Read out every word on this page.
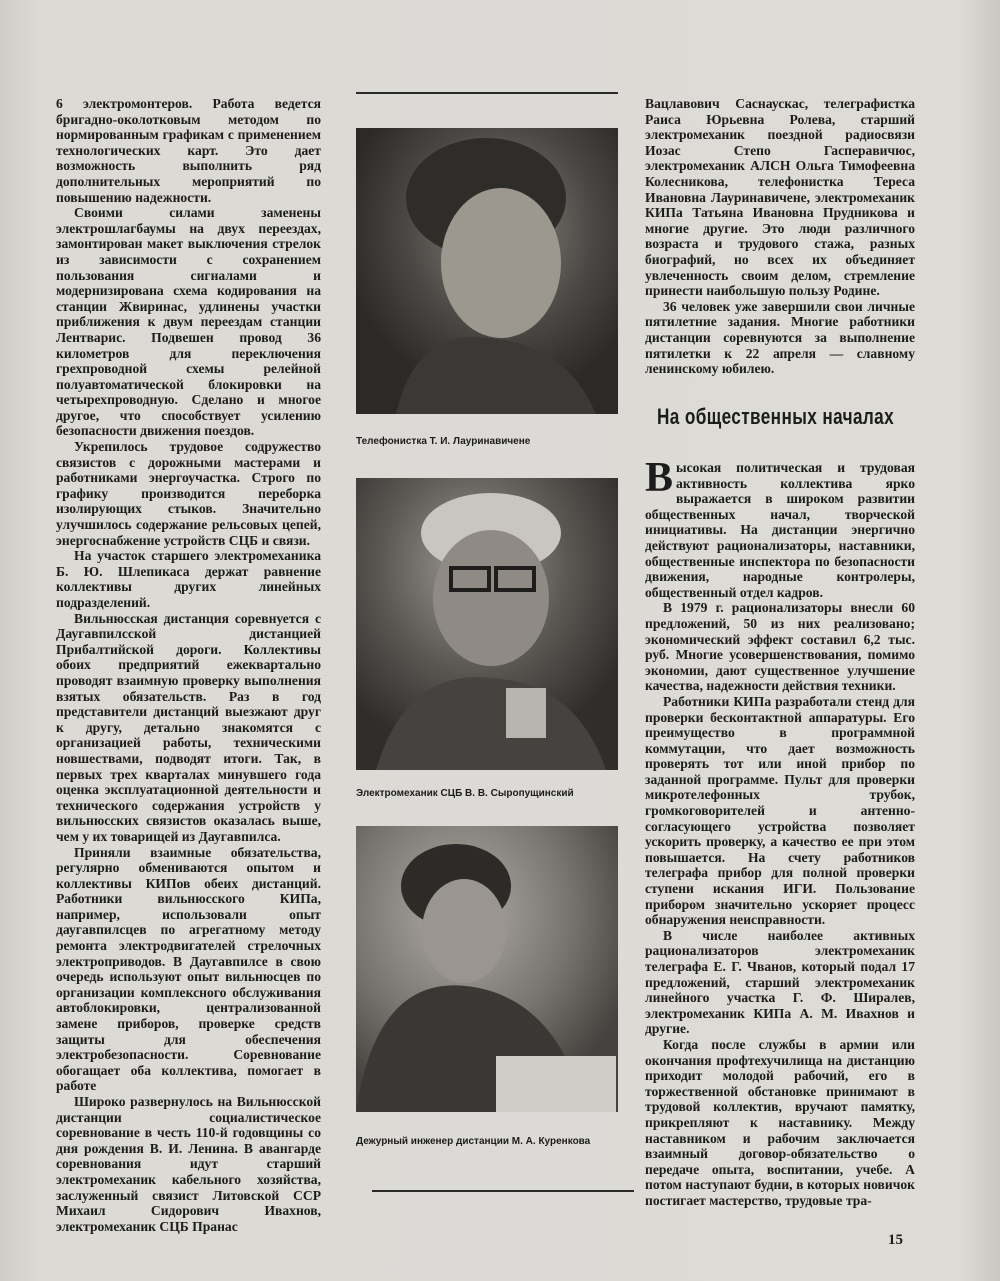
6 электромонтеров. Работа ведется бригадно-околотковым методом по нормированным графикам с применением технологических карт. Это дает возможность выполнить ряд дополнительных мероприятий по повышению надежности.

Своими силами заменены электрошлагбаумы на двух переездах, замонтирован макет выключения стрелок из зависимости с сохранением пользования сигналами и модернизирована схема кодирования на станции Жвиринас, удлинены участки приближения к двум переездам станции Лентварис. Подвешен провод 36 километров для переключения грехпроводной схемы релейной полуавтоматической блокировки на четырехпроводную. Сделано и многое другое, что способствует усилению безопасности движения поездов.

Укрепилось трудовое содружество связистов с дорожными мастерами и работниками энергоучастка. Строго по графику производится переборка изолирующих стыков. Значительно улучшилось содержание рельсовых цепей, энергоснабжение устройств СЦБ и связи.

На участок старшего электромеханика Б. Ю. Шлепикаса держат равнение коллективы других линейных подразделений.

Вильнюсская дистанция соревнуется с Даугавпилсской дистанцией Прибалтийской дороги. Коллективы обоих предприятий ежеквартально проводят взаимную проверку выполнения взятых обязательств. Раз в год представители дистанций выезжают друг к другу, детально знакомятся с организацией работы, техническими новшествами, подводят итоги. Так, в первых трех кварталах минувшего года оценка эксплуатационной деятельности и технического содержания устройств у вильнюсских связистов оказалась выше, чем у их товарищей из Даугавпилса.

Приняли взаимные обязательства, регулярно обмениваются опытом и коллективы КИПов обеих дистанций. Работники вильнюсского КИПа, например, использовали опыт даугавпилсцев по агрегатному методу ремонта электродвигателей стрелочных электроприводов. В Даугавпилсе в свою очередь используют опыт вильнюсцев по организации комплексного обслуживания автоблокировки, централизованной замене приборов, проверке средств защиты для обеспечения электробезопасности. Соревнование обогащает оба коллектива, помогает в работе

Широко развернулось на Вильнюсской дистанции социалистическое соревнование в честь 110-й годовщины со дня рождения В. И. Ленина. В авангарде соревнования идут старший электромеханик кабельного хозяйства, заслуженный связист Литовской ССР Михаил Сидорович Ивахнов, электромеханик СЦБ Пранас

Телефонистка Т. И. Лауринавичене
Электромеханик СЦБ В. В. Сыропущинский
Дежурный инженер дистанции М. А. Куренкова

Вацлавович Саснаускас, телеграфистка Раиса Юрьевна Ролева, старший электромеханик поездной радиосвязи Иозас Степо Гасперавичюс, электромеханик АЛСН Ольга Тимофеевна Колесникова, телефонистка Тереса Ивановна Лауринавичене, электромеханик КИПа Татьяна Ивановна Прудникова и многие другие. Это люди различного возраста и трудового стажа, разных биографий, но всех их объединяет увлеченность своим делом, стремление принести наибольшую пользу Родине.

36 человек уже завершили свои личные пятилетние задания. Многие работники дистанции соревнуются за выполнение пятилетки к 22 апреля — славному ленинскому юбилею.

На общественных началах

Высокая политическая и трудовая активность коллектива ярко выражается в широком развитии общественных начал, творческой инициативы. На дистанции энергично действуют рационализаторы, наставники, общественные инспектора по безопасности движения, народные контролеры, общественный отдел кадров.

В 1979 г. рационализаторы внесли 60 предложений, 50 из них реализовано; экономический эффект составил 6,2 тыс. руб. Многие усовершенствования, помимо экономии, дают существенное улучшение качества, надежности действия техники.

Работники КИПа разработали стенд для проверки бесконтактной аппаратуры. Его преимущество в программной коммутации, что дает возможность проверять тот или иной прибор по заданной программе. Пульт для проверки микротелефонных трубок, громкоговорителей и антенно-согласующего устройства позволяет ускорить проверку, а качество ее при этом повышается. На счету работников телеграфа прибор для полной проверки ступени искания ИГИ. Пользование прибором значительно ускоряет процесс обнаружения неисправности.

В числе наиболее активных рационализаторов электромеханик телеграфа Е. Г. Чванов, который подал 17 предложений, старший электромеханик линейного участка Г. Ф. Ширалев, электромеханик КИПа А. М. Ивахнов и другие.

Когда после службы в армии или окончания профтехучилища на дистанцию приходит молодой рабочий, его в торжественной обстановке принимают в трудовой коллектив, вручают памятку, прикрепляют к наставнику. Между наставником и рабочим заключается взаимный договор-обязательство о передаче опыта, воспитании, учебе. А потом наступают будни, в которых новичок постигает мастерство, трудовые тра-

15
